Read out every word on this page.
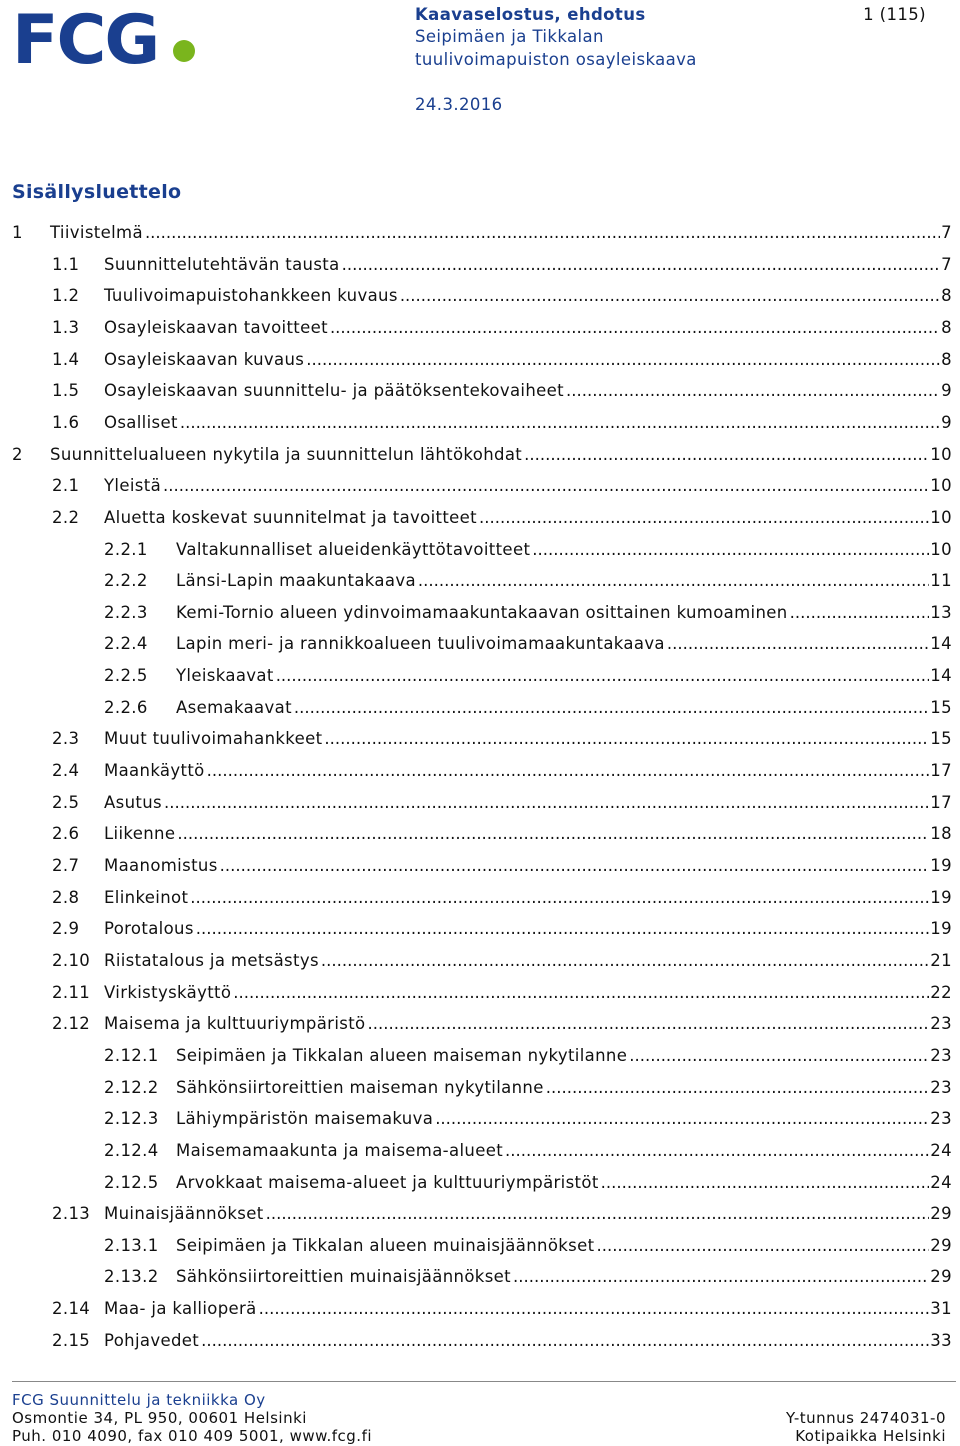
FCG	Kaavaselostus, ehdotus
Seipimäen ja Tikkalan
tuulivoimapuiston osayleiskaava
24.3.2016
1 (115)
Sisällysluettelo
1	Tiivistelmä .....	7
1.1	Suunnittelutehtävän tausta .....	7
1.2	Tuulivoimapuistohankkeen kuvaus .....	8
1.3	Osayleiskaavan tavoitteet .....	8
1.4	Osayleiskaavan kuvaus .....	8
1.5	Osayleiskaavan suunnittelu- ja päätöksentekovaiheet .....	9
1.6	Osalliset .....	9
2	Suunnittelualueen nykytila ja suunnittelun lähtökohdat .....	10
2.1	Yleistä .....	10
2.2	Aluetta koskevat suunnitelmat ja tavoitteet .....	10
2.2.1	Valtakunnalliset alueidenkäyttötavoitteet .....	10
2.2.2	Länsi-Lapin maakuntakaava .....	11
2.2.3	Kemi-Tornio alueen ydinvoimamaakuntakaavan osittainen kumoaminen .....	13
2.2.4	Lapin meri- ja rannikkoalueen tuulivoimamaakuntakaava .....	14
2.2.5	Yleiskaavat .....	14
2.2.6	Asemakaavat .....	15
2.3	Muut tuulivoimahankkeet .....	15
2.4	Maankäyttö .....	17
2.5	Asutus .....	17
2.6	Liikenne .....	18
2.7	Maanomistus .....	19
2.8	Elinkeinot .....	19
2.9	Porotalous .....	19
2.10 Riistatalous ja metsästys .....	21
2.11 Virkistyskäyttö .....	22
2.12 Maisema ja kulttuuriympäristö .....	23
2.12.1	Seipimäen ja Tikkalan alueen maiseman nykytilanne .....	23
2.12.2	Sähkönsiirtoreittien maiseman nykytilanne .....	23
2.12.3	Lähiympäristön maisemakuva .....	23
2.12.4	Maisemamaakunta ja maisema-alueet .....	24
2.12.5	Arvokkaat maisema-alueet ja kulttuuriympäristöt .....	24
2.13 Muinaisjäännökset .....	29
2.13.1	Seipimäen ja Tikkalan alueen muinaisjäännökset .....	29
2.13.2	Sähkönsiirtoreittien muinaisjäännökset .....	29
2.14 Maa- ja kallioperä .....	31
2.15 Pohjavedet .....	33
FCG Suunnittelu ja tekniikka Oy
Osmontie 34, PL 950, 00601 Helsinki
Puh. 010 4090, fax 010 409 5001, www.fcg.fi
Y-tunnus 2474031-0
Kotipaikka Helsinki
